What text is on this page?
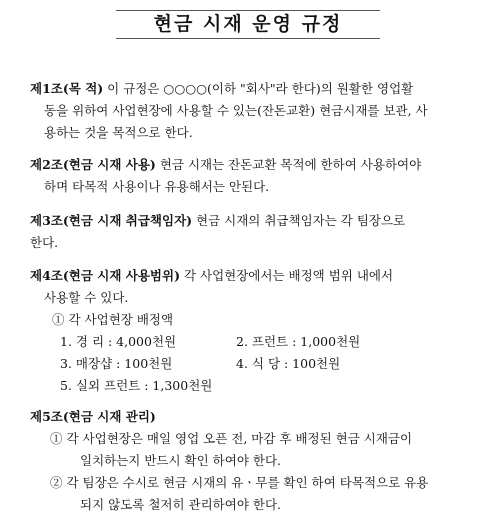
현금 시재 운영 규정
제1조(목 적) 이 규정은 ○○○○(이하 "회사"라 한다)의 원활한 영업활
동을 위하여 사업현장에 사용할 수 있는(잔돈교환) 현금시재를 보관, 사
용하는 것을 목적으로 한다.
제2조(현금 시재 사용) 현금 시재는 잔돈교환 목적에 한하여 사용하여야
하며 타목적 사용이나 유용해서는 안된다.
제3조(현금 시재 취급책임자) 현금 시재의 취급책임자는 각 팀장으로
한다.
제4조(현금 시재 사용범위) 각 사업현장에서는 배정액 범위 내에서
사용할 수 있다.
① 각 사업현장 배정액
1. 경 리 : 4,000천원	2. 프런트 : 1,000천원
3. 매장샵 : 100천원	4. 식 당 : 100천원
5. 실외 프런트 : 1,300천원
제5조(현금 시재 관리)
① 각 사업현장은 매일 영업 오픈 전, 마감 후 배정된 현금 시재금이
일치하는지 반드시 확인 하여야 한다.
② 각 팀장은 수시로 현금 시재의 유ㆍ무를 확인 하여 타목적으로 유용
되지 않도록 철저히 관리하여야 한다.
